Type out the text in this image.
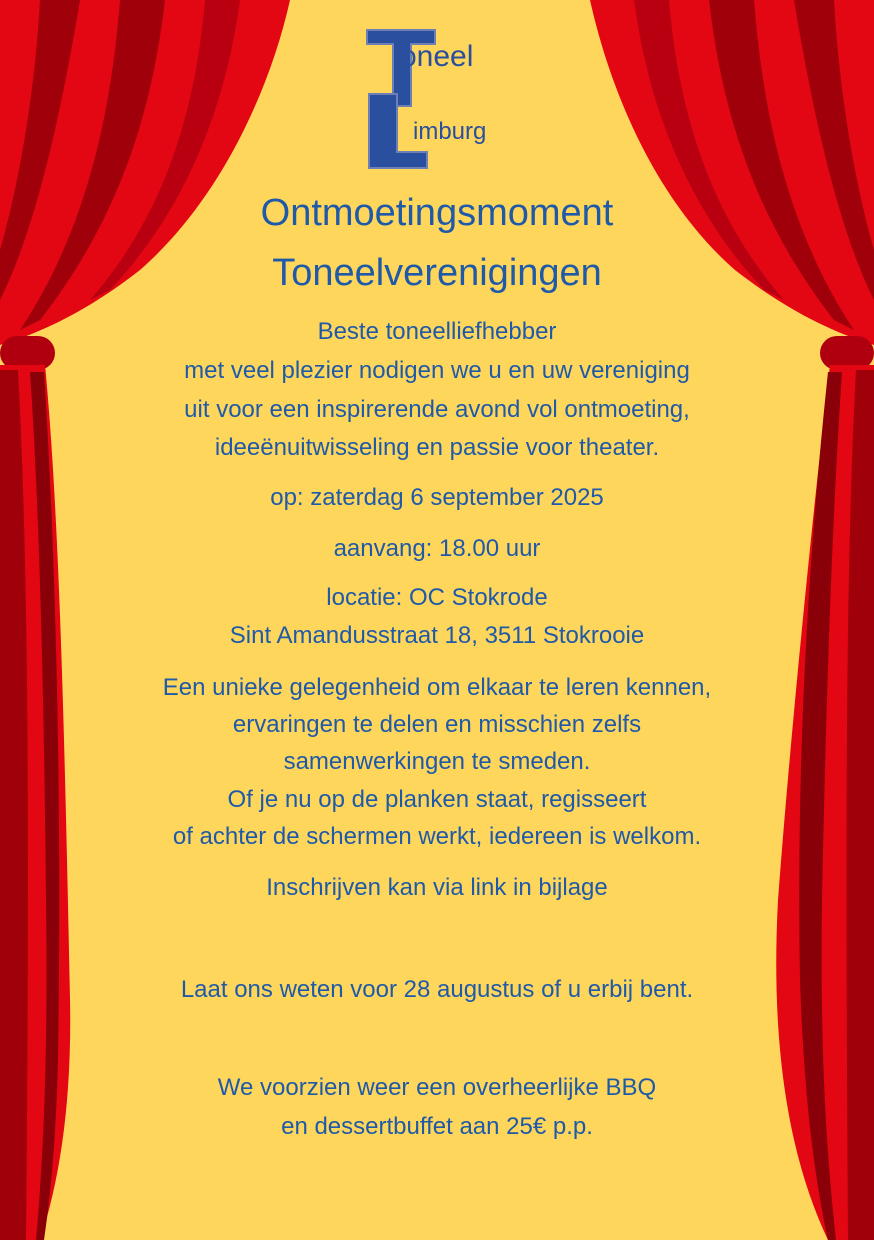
oneel
imburg
Ontmoetingsmoment
Toneelverenigingen
Beste toneelliefhebber
met veel plezier nodigen we u en uw vereniging
uit voor een inspirerende avond vol ontmoeting,
ideeënuitwisseling en passie voor theater.
op: zaterdag 6 september 2025
aanvang: 18.00 uur
locatie: OC Stokrode
Sint Amandusstraat 18, 3511 Stokrooie
Een unieke gelegenheid om elkaar te leren kennen,
ervaringen te delen en misschien zelfs
samenwerkingen te smeden.
Of je nu op de planken staat, regisseert
of achter de schermen werkt, iedereen is welkom.
Inschrijven kan via link in bijlage
Laat ons weten voor 28 augustus of u erbij bent.
We voorzien weer een overheerlijke BBQ
en dessertbuffet aan 25€ p.p.
